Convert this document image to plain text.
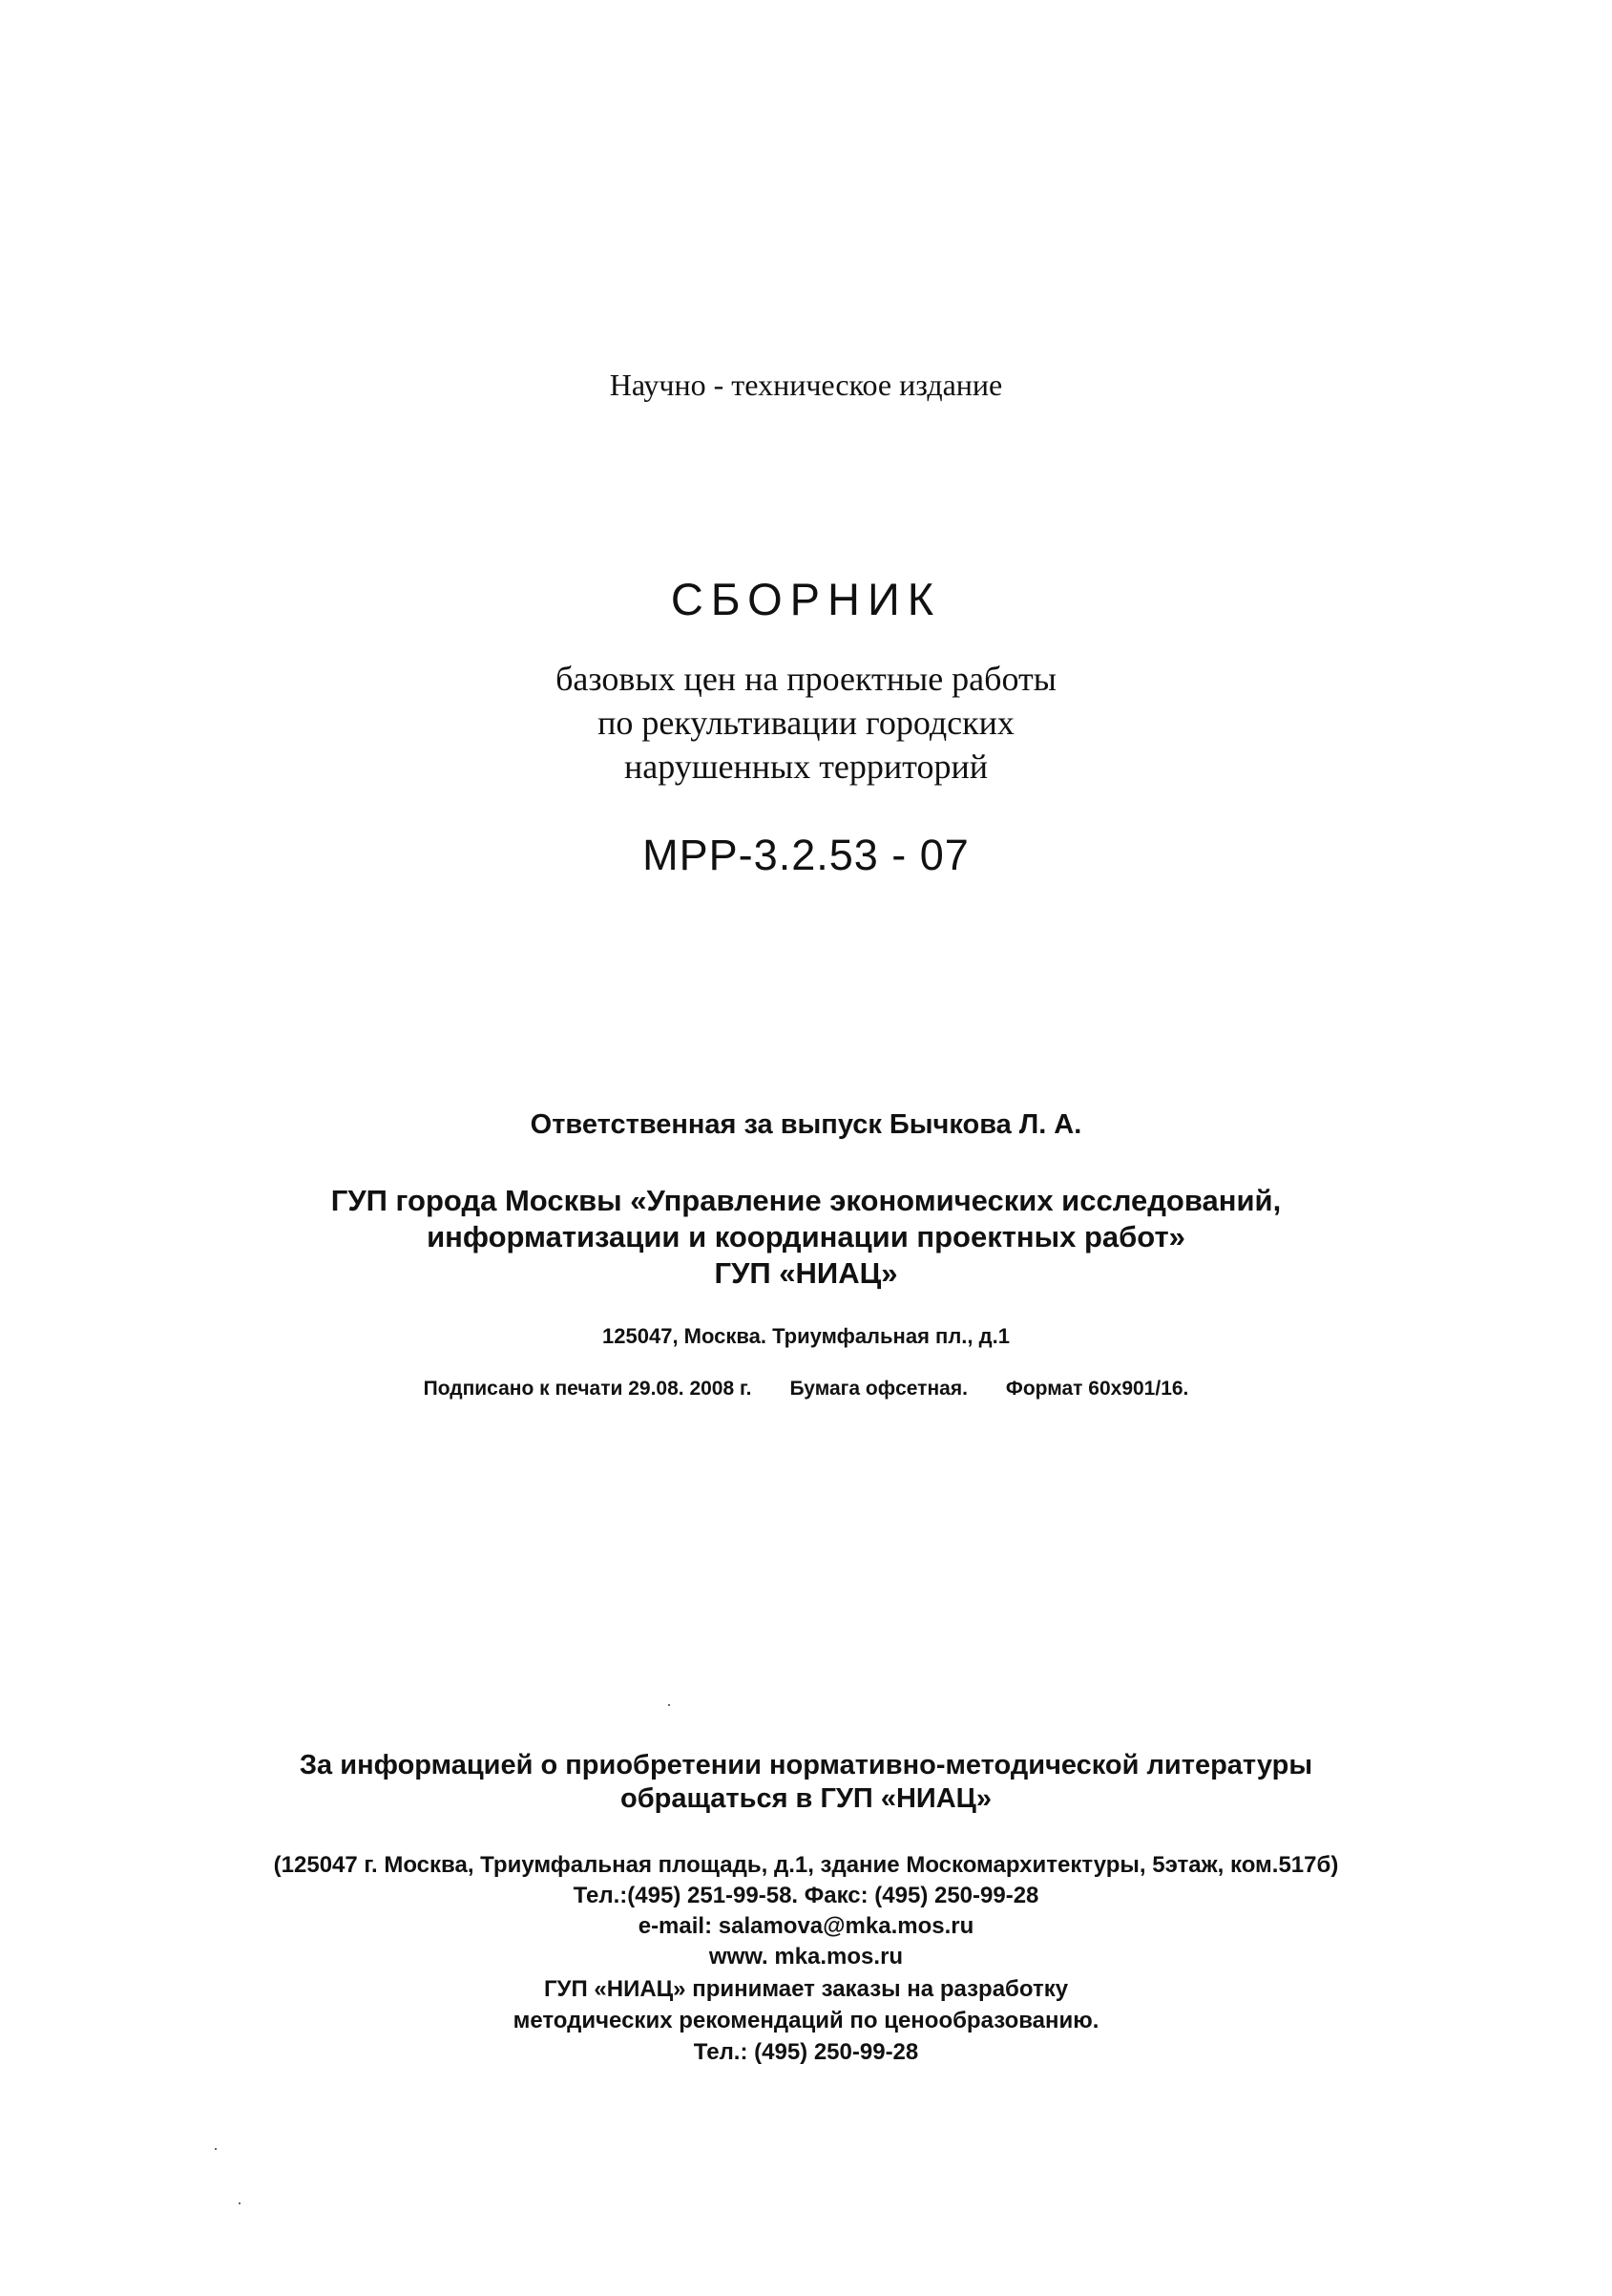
Научно - техническое издание
СБОРНИК
базовых цен на проектные работы
по рекультивации городских
нарушенных территорий
МРР-3.2.53 - 07
Ответственная за выпуск Бычкова Л. А.
ГУП города Москвы «Управление экономических исследований,
информатизации и координации проектных работ»
ГУП «НИАЦ»
125047, Москва. Триумфальная пл., д.1
Подписано к печати 29.08. 2008 г. Бумага офсетная. Формат 60x901/16.
За информацией о приобретении нормативно-методической литературы
обращаться в ГУП «НИАЦ»
(125047 г. Москва, Триумфальная площадь, д.1, здание Москомархитектуры, 5этаж, ком.517б)
Тел.:(495) 251-99-58. Факс: (495) 250-99-28
e-mail: salamova@mka.mos.ru
www. mka.mos.ru
ГУП «НИАЦ» принимает заказы на разработку
методических рекомендаций по ценообразованию.
Тел.: (495) 250-99-28
